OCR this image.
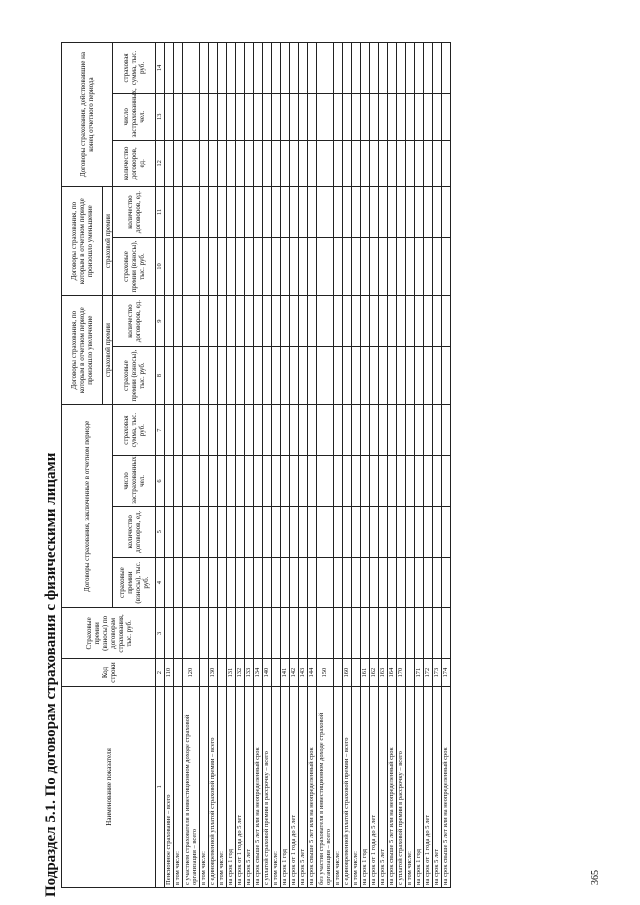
365
Подраздел 5.1. По договорам страхования с физическими лицами	Наименование показателя	Код строки	Страховые премии (взносы) по договорам страхования, тыс. руб.	Договоры страхования, заключенные в отчетном периоде				Договоры страхования, по которым в отчетном периоде произошло увеличение		Договоры страхования, по которым в отчетном периоде произошло уменьшение		Договоры страхования, действовавшие на конец отчетного периода		
							страховой премии		страховой премии				
			страховые премии (взносы), тыс. руб.	количество договоров, ед.	число застрахованных, чел.	страховая сумма, тыс. руб.	страховые премии (взносы), тыс. руб.	количество договоров, ед.	страховые премии (взносы), тыс. руб.	количество договоров, ед.	количество договоров, ед.	число застрахованных, чел.	страховая сумма, тыс. руб.
1	2	3	4	5	6	7	8	9	10	11	12	13	14
Пенсионное страхование – всего	110												
в том числе:													
с участием страхователя в инвестиционном доходе страховой организации – всего	120												
в том числе:													
с единовременной уплатой страховой премии – всего	130												
в том числе:													
на срок 1 год	131												
на срок от 1 года до 5 лет	132												
на срок 5 лет	133												
на срок свыше 5 лет или на неопределенный срок	134												
с уплатой страховой премии в рассрочку – всего	140												
в том числе:													
на срок 1 год	141												
на срок от 1 года до 5 лет	142												
на срок 5 лет	143												
на срок свыше 5 лет или на неопределенный срок	144												
без участия страхователя в инвестиционном доходе страховой организации – всего	150												
в том числе:													
с единовременной уплатой страховой премии – всего	160												
в том числе:													
на срок 1 год	161												
на срок от 1 года до 5 лет	162												
на срок 5 лет	163												
на срок свыше 5 лет или на неопределенный срок	164												
с уплатой страховой премии в рассрочку – всего	170												
в том числе:													
на срок 1 год	171												
на срок от 1 года до 5 лет	172												
на срок 5 лет	173												
на срок свыше 5 лет или на неопределенный срок	174												
